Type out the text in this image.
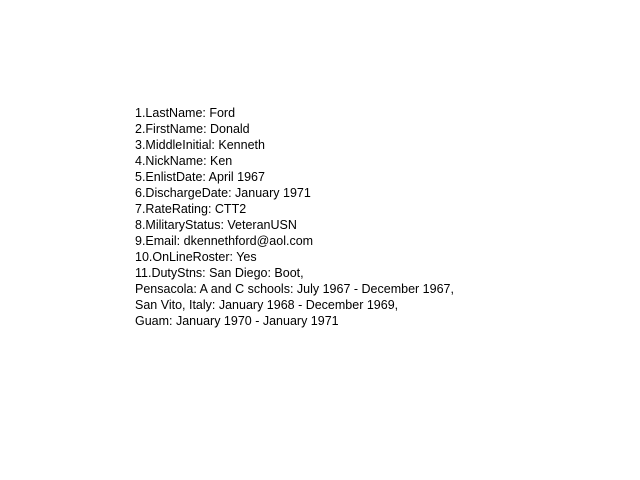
1.LastName: Ford
2.FirstName: Donald
3.MiddleInitial: Kenneth
4.NickName: Ken
5.EnlistDate: April 1967
6.DischargeDate: January 1971
7.RateRating: CTT2
8.MilitaryStatus: VeteranUSN
9.Email: dkennethford@aol.com
10.OnLineRoster: Yes
11.DutyStns: San Diego: Boot,
Pensacola: A and C schools: July 1967 - December 1967,
San Vito, Italy: January 1968 - December 1969,
Guam: January 1970 - January 1971
